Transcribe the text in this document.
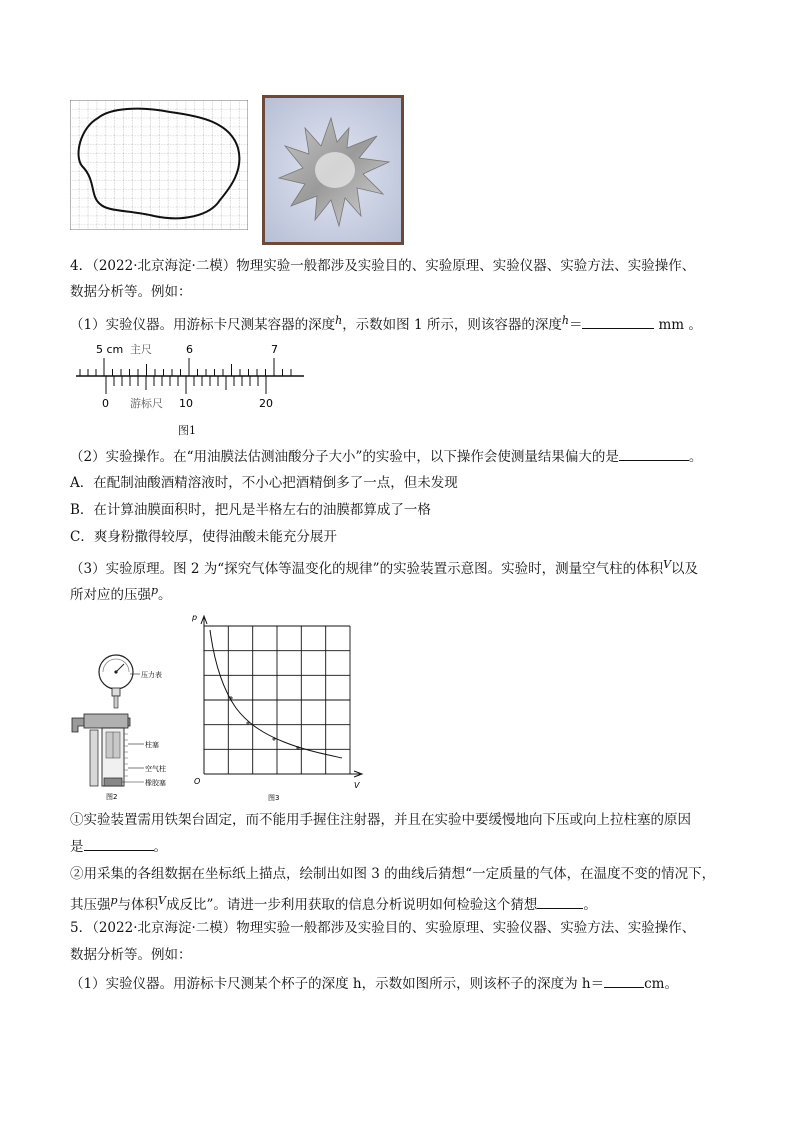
4．（2022·北京海淀·二模）物理实验一般都涉及实验目的、实验原理、实验仪器、实验方法、实验操作、
数据分析等。例如：
（1）实验仪器。用游标卡尺测某容器的深度$^h$，示数如图 1 所示，则该容器的深度$^h$＝	mm 。
5 cm 主尺	6	7
0 游标尺 10	20
图1
（2）实验操作。在“用油膜法估测油酸分子大小”的实验中，以下操作会使测量结果偏大的是	。
A．在配制油酸酒精溶液时，不小心把酒精倒多了一点，但未发现
B．在计算油膜面积时，把凡是半格左右的油膜都算成了一格
C．爽身粉撒得较厚，使得油酸未能充分展开
（3）实验原理。图 2 为“探究气体等温变化的规律”的实验装置示意图。实验时，测量空气柱的体积$^V$以及
所对应的压强$^p$。
压力表
柱塞
空气柱
橡胶塞
图2
p
V
O
图3
①实验装置需用铁架台固定，而不能用手握住注射器，并且在实验中要缓慢地向下压或向上拉柱塞的原因
是	。
②用采集的各组数据在坐标纸上描点，绘制出如图 3 的曲线后猜想“一定质量的气体，在温度不变的情况下，
其压强$^p$与体积$^V$成反比”。请进一步利用获取的信息分析说明如何检验这个猜想	。
5．（2022·北京海淀·二模）物理实验一般都涉及实验目的、实验原理、实验仪器、实验方法、实验操作、
数据分析等。例如：
（1）实验仪器。用游标卡尺测某个杯子的深度 h，示数如图所示，则该杯子的深度为 h＝	cm。
